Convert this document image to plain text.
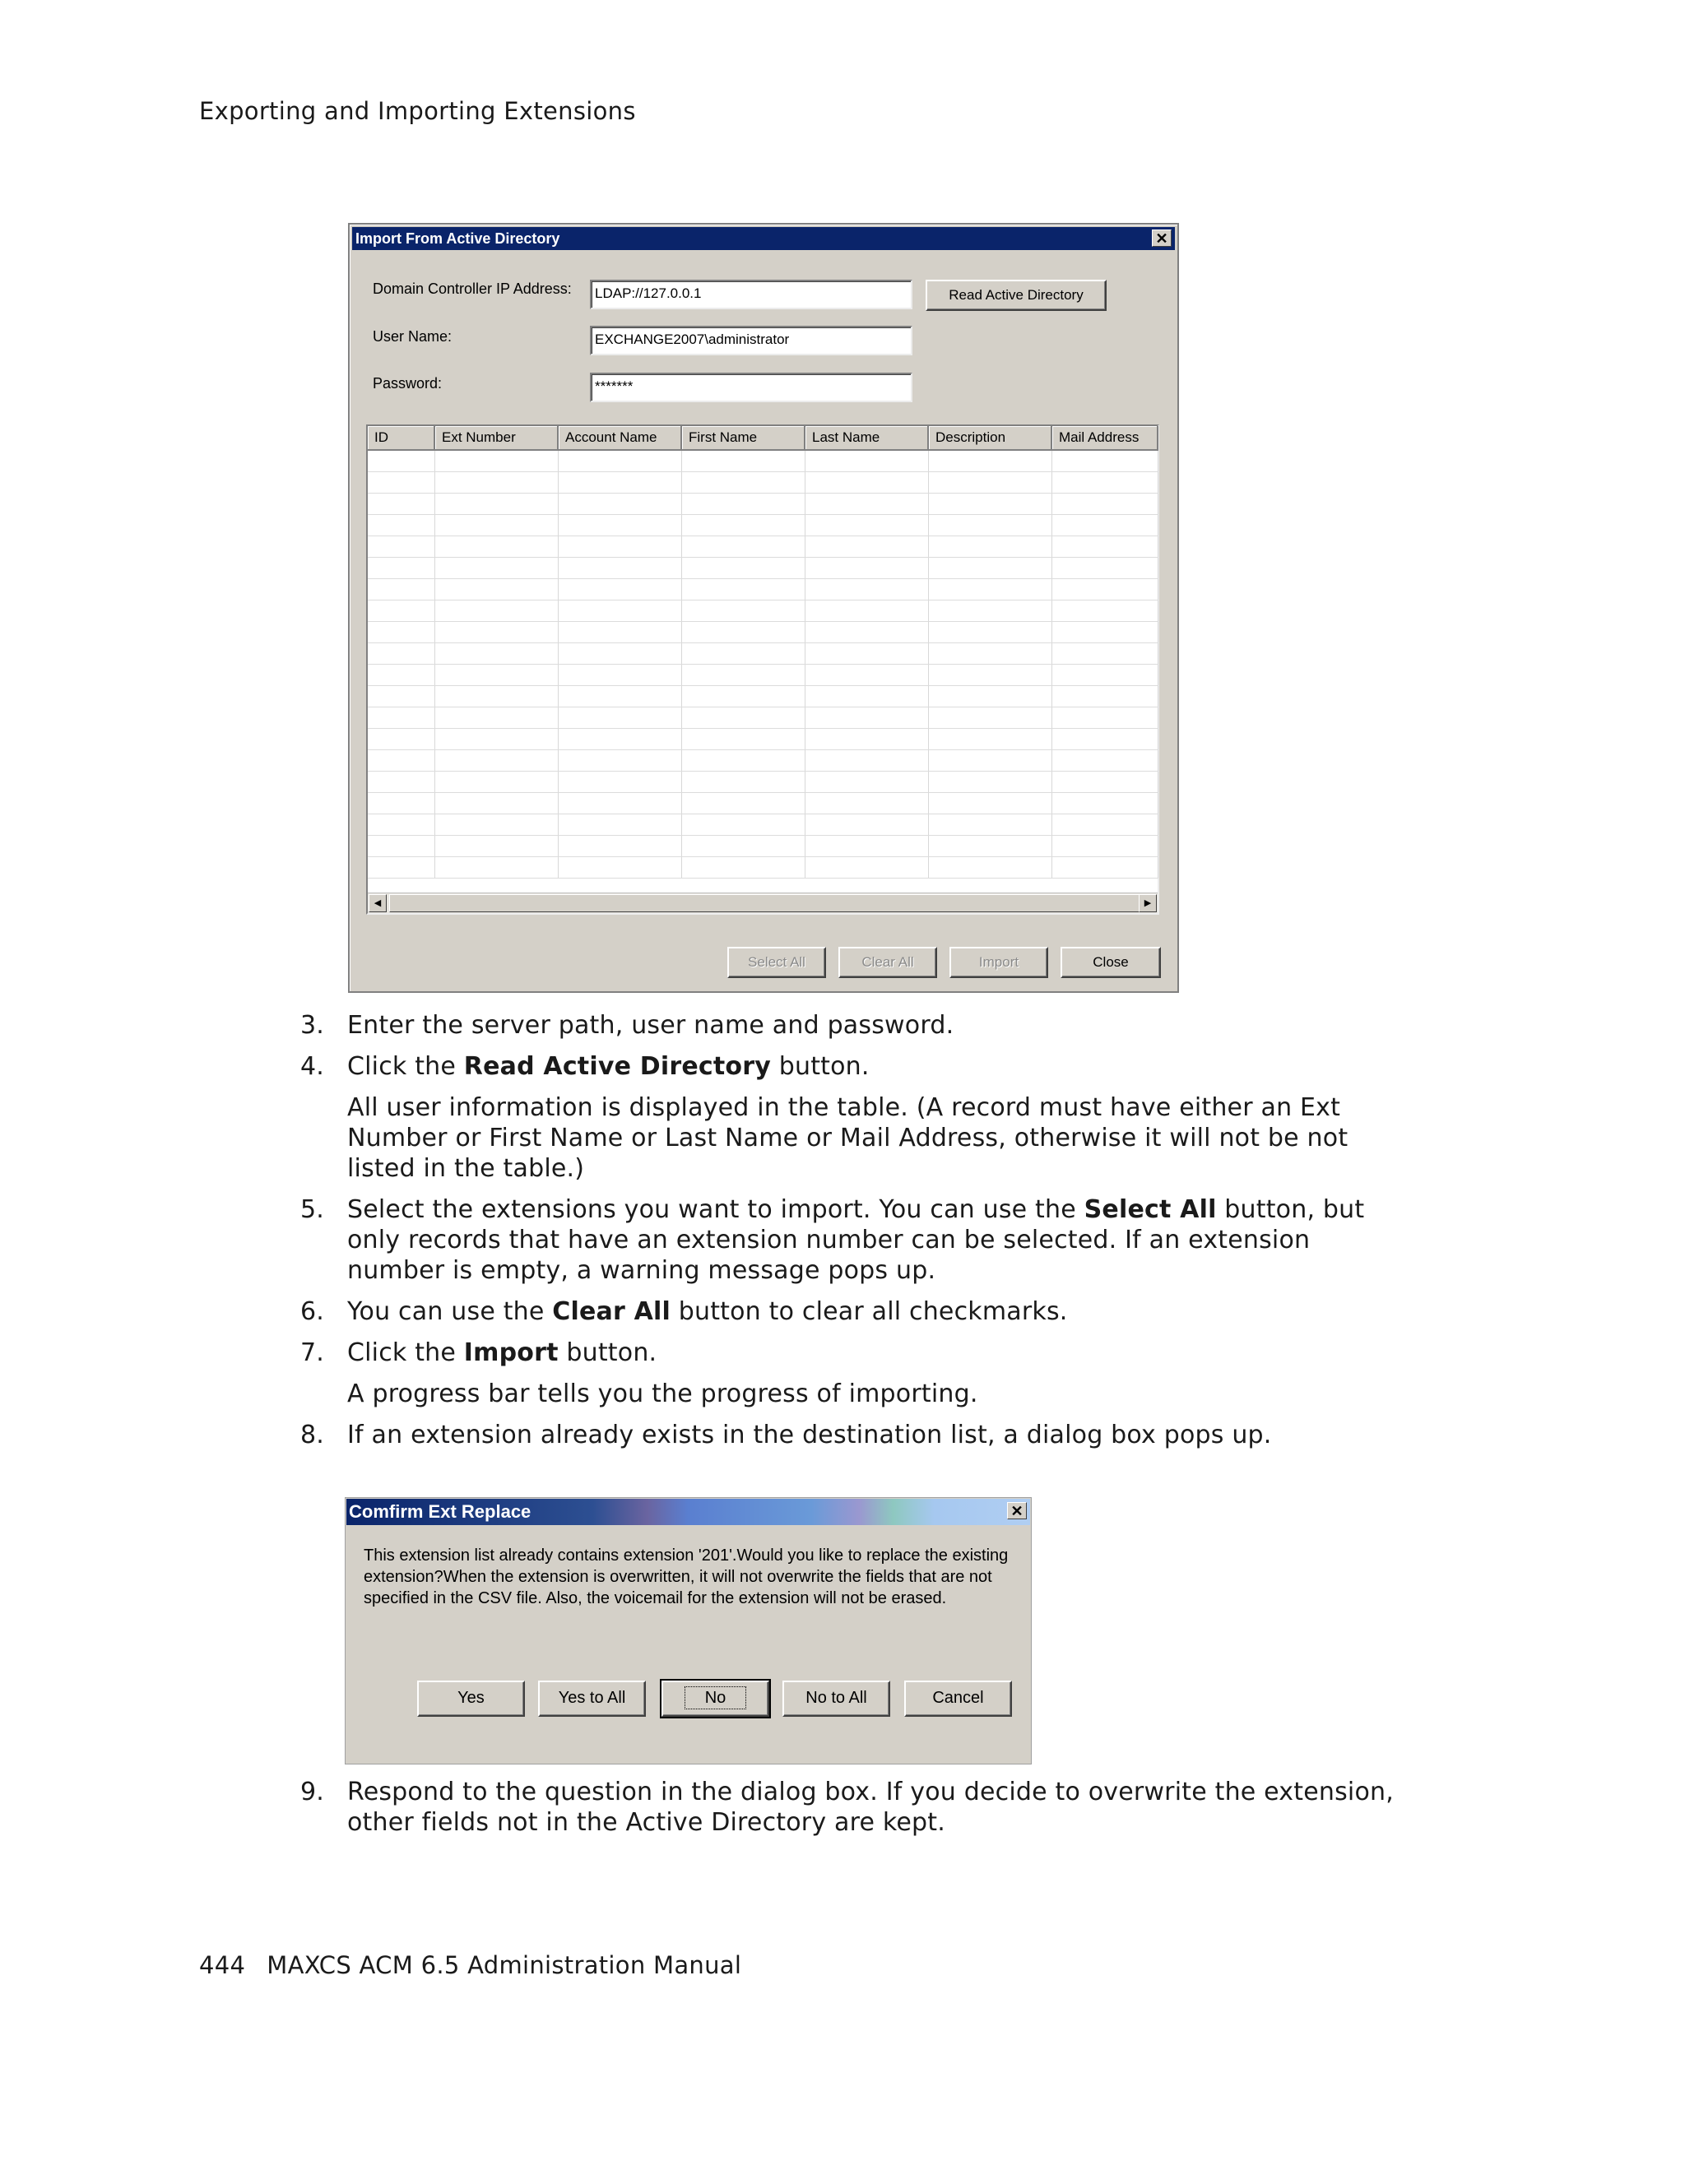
Exporting and Importing Extensions
Import From Active Directory	✕
Domain Controller IP Address:	LDAP://127.0.0.1	Read Active Directory
User Name:	EXCHANGE2007\administrator
Password:	*******
ID	Ext Number	Account Name	First Name	Last Name	Description	Mail Address

◀	▶
Select All	Clear All	Import	Close
3. Enter the server path, user name and password.
4. Click the Read Active Directory button.
All user information is displayed in the table. (A record must have either an Ext Number or First Name or Last Name or Mail Address, otherwise it will not be not listed in the table.)
5. Select the extensions you want to import. You can use the Select All button, but only records that have an extension number can be selected. If an extension number is empty, a warning message pops up.
6. You can use the Clear All button to clear all checkmarks.
7. Click the Import button.
A progress bar tells you the progress of importing.
8. If an extension already exists in the destination list, a dialog box pops up.
Comfirm Ext Replace	✕
This extension list already contains extension '201'.Would you like to replace the existing extension?When the extension is overwritten, it will not overwrite the fields that are not specified in the CSV file. Also, the voicemail for the extension will not be erased.
Yes	Yes to All	No	No to All	Cancel
9. Respond to the question in the dialog box. If you decide to overwrite the extension, other fields not in the Active Directory are kept.
444 MAXCS ACM 6.5 Administration Manual
